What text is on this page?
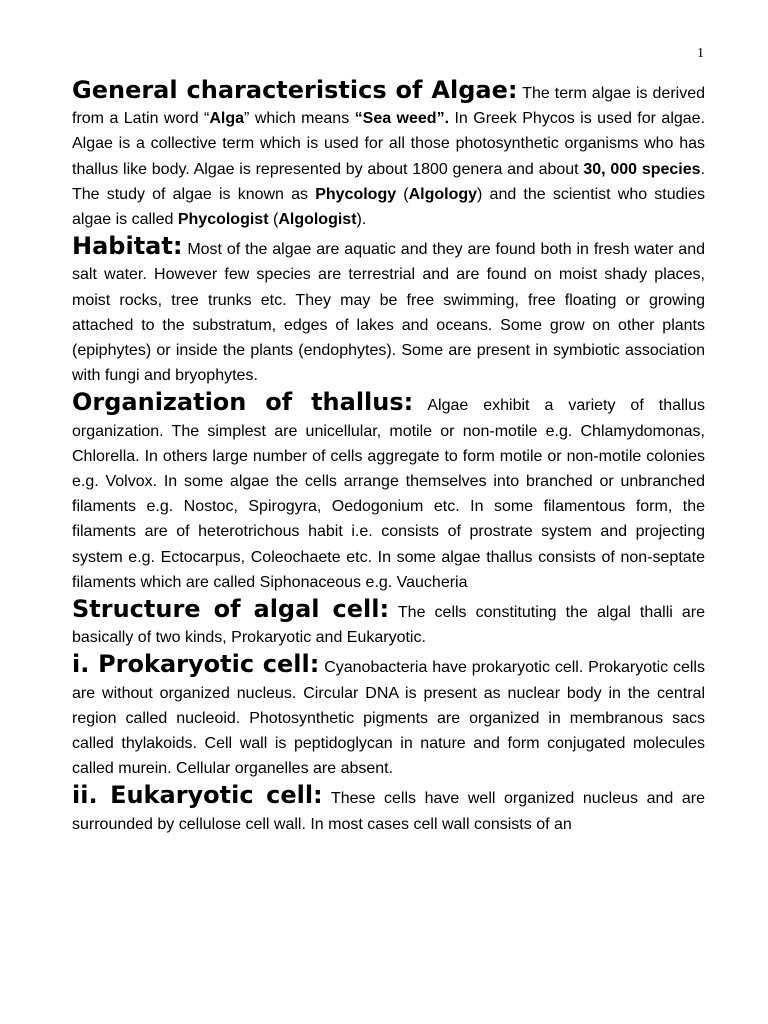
1

General characteristics of Algae: The term algae is derived from a Latin word “Alga” which means “Sea weed”. In Greek Phycos is used for algae. Algae is a collective term which is used for all those photosynthetic organisms who has thallus like body. Algae is represented by about 1800 genera and about 30, 000 species. The study of algae is known as Phycology (Algology) and the scientist who studies algae is called Phycologist (Algologist).

Habitat: Most of the algae are aquatic and they are found both in fresh water and salt water. However few species are terrestrial and are found on moist shady places, moist rocks, tree trunks etc. They may be free swimming, free floating or growing attached to the substratum, edges of lakes and oceans. Some grow on other plants (epiphytes) or inside the plants (endophytes). Some are present in symbiotic association with fungi and bryophytes.

Organization of thallus: Algae exhibit a variety of thallus organization. The simplest are unicellular, motile or non-motile e.g. Chlamydomonas, Chlorella. In others large number of cells aggregate to form motile or non-motile colonies e.g. Volvox. In some algae the cells arrange themselves into branched or unbranched filaments e.g. Nostoc, Spirogyra, Oedogonium etc. In some filamentous form, the filaments are of heterotrichous habit i.e. consists of prostrate system and projecting system e.g. Ectocarpus, Coleochaete etc. In some algae thallus consists of non-septate filaments which are called Siphonaceous e.g. Vaucheria

Structure of algal cell: The cells constituting the algal thalli are basically of two kinds, Prokaryotic and Eukaryotic.

i. Prokaryotic cell: Cyanobacteria have prokaryotic cell. Prokaryotic cells are without organized nucleus. Circular DNA is present as nuclear body in the central region called nucleoid. Photosynthetic pigments are organized in membranous sacs called thylakoids. Cell wall is peptidoglycan in nature and form conjugated molecules called murein. Cellular organelles are absent.

ii. Eukaryotic cell: These cells have well organized nucleus and are surrounded by cellulose cell wall. In most cases cell wall consists of an
